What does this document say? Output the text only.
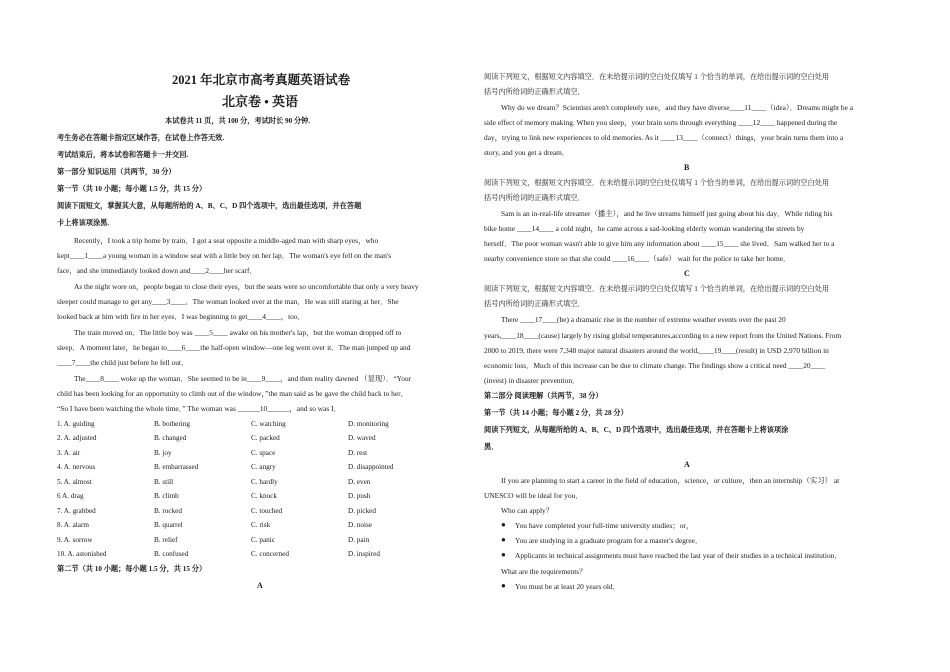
2021 年北京市高考真题英语试卷
北京卷 • 英语
本试卷共 11 页，共 100 分，考试时长 90 分钟.
考生务必在答题卡指定区域作答，在试卷上作答无效.
考试结束后，将本试卷和答题卡一并交回.
第一部分 知识运用（共两节，30 分）
第一节（共 10 小题；每小题 1.5 分，共 15 分）
阅读下面短文，掌握其大意，从每题所给的 A、B、C、D 四个选项中，选出最佳选项，并在答题
卡上将该项涂黑.
Recently，I took a trip home by train．I got a seat opposite a middle-aged man with sharp eyes，who
kept____1____a young woman in a window seat with a little boy on her lap．The woman's eye fell on the man's
face，and she immediately looked down and____2____her scarf．
As the night wore on，people began to close their eyes，but the seats were so uncomfortable that only a very heavy
sleeper could manage to get any____3____．The woman looked over at the man．He was still staring at her．She
looked back at him with fire in her eyes．I was beginning to get____4____，too．
The train moved on．The little boy was ____5____ awake on his mother's lap，but the woman dropped off to
sleep．A moment later，he began to____6____the half-open window—one leg went over it．The man jumped up and
____7____the child just before he fell out．
The____8____ woke up the woman．She seemed to be in____9____，and then reality dawned （显现）．“Your
child has been looking for an opportunity to climb out of the window，”the man said as he gave the child back to her．
“So I have been watching the whole time．” The woman was ______10______，and so was I．
1. A. guiding	B. bothering	C. watching	D. monitoring
2. A. adjusted	B. changed	C. packed	D. waved
3. A. air	B. joy	C. space	D. rest
4. A. nervous	B. embarrassed	C. angry	D. disappointed
5. A. almost	B. still	C. hardly	D. even
6 A. drag	B. climb	C. knock	D. push
7. A. grabbed	B. rocked	C. touched	D. picked
8. A. alarm	B. quarrel	C. risk	D. noise
9. A. sorrow	B. relief	C. panic	D. pain
10. A. astonished	B. confused	C. concerned	D. inspired
第二节（共 10 小题；每小题 1.5 分，共 15 分）
A
阅读下列短文，根据短文内容填空．在未给提示词的空白处仅填写 1 个恰当的单词，在给出提示词的空白处用
括号内所给词的正确形式填空．
Why do we dream？Scientists aren't completely sure，and they have diverse____11____（idea）．Dreams might be a
side effect of memory making. When you sleep，your brain sorts through everything ____12____ happened during the
day，trying to link new experiences to old memories. As it ____13____（connect）things，your brain turns them into a
story, and you get a dream．
B
阅读下列短文，根据短文内容填空．在未给提示词的空白处仅填写 1 个恰当的单词，在给出提示词的空白处用
括号内所给词的正确形式填空．
Sam is an in-real-life streamer（播主），and he live streams himself just going about his day．While riding his
bike home ____14____ a cold night，he came across a sad-looking elderly woman wandering the streets by
herself．The poor woman wasn't able to give him any information about ____15____ she lived．Sam walked her to a
nearby convenience store so that she could ____16____（safe） wait for the police to take her home．
C
阅读下列短文，根据短文内容填空．在未给提示词的空白处仅填写 1 个恰当的单词，在给出提示词的空白处用
括号内所给词的正确形式填空．
There ____17____(be) a dramatic rise in the number of extreme weather events over the past 20
years,____18____(cause) largely by rising global temperatures,according to a new report from the United Nations. From
2000 to 2019, there were 7,348 major natural disasters around the world,____19____(result) in USD 2,970 billion in
economic loss．Much of this increase can be due to climate change. The findings show a critical need ____20____
(invest) in disaster prevention．
第二部分 阅读理解（共两节，38 分）
第一节（共 14 小题；每小题 2 分，共 28 分）
阅读下列短文，从每题所给的 A、B、C、D 四个选项中，选出最佳选项，并在答题卡上将该项涂
黑．
A
If you are planning to start a career in the field of education，science，or culture，then an internship（实习） at
UNESCO will be ideal for you．
Who can apply？
● You have completed your full-time university studies；or，
● You are studying in a graduate program for a master's degree．
● Applicants in technical assignments must have reached the last year of their studies in a technical institution．
What are the requirements？
● You must be at least 20 years old．
